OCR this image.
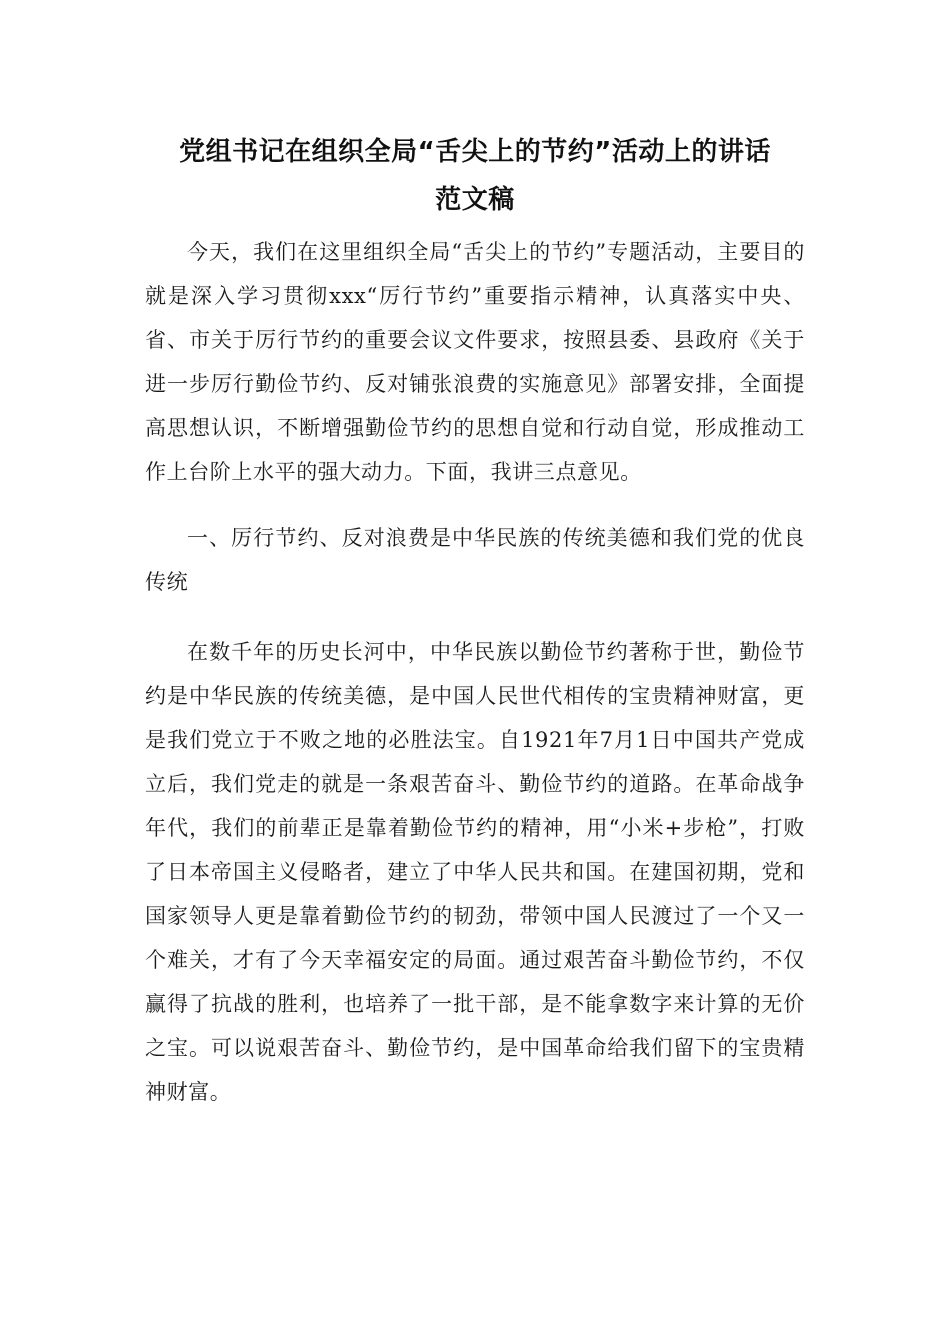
党组书记在组织全局“舌尖上的节约”活动上的讲话
范文稿

今天，我们在这里组织全局“舌尖上的节约”专题活动，主要目的就是深入学习贯彻xxx“厉行节约”重要指示精神，认真落实中央、省、市关于厉行节约的重要会议文件要求，按照县委、县政府《关于进一步厉行勤俭节约、反对铺张浪费的实施意见》部署安排，全面提高思想认识，不断增强勤俭节约的思想自觉和行动自觉，形成推动工作上台阶上水平的强大动力。下面，我讲三点意见。

一、厉行节约、反对浪费是中华民族的传统美德和我们党的优良传统

在数千年的历史长河中，中华民族以勤俭节约著称于世，勤俭节约是中华民族的传统美德，是中国人民世代相传的宝贵精神财富，更是我们党立于不败之地的必胜法宝。自1921年7月1日中国共产党成立后，我们党走的就是一条艰苦奋斗、勤俭节约的道路。在革命战争年代，我们的前辈正是靠着勤俭节约的精神，用“小米+步枪”，打败了日本帝国主义侵略者，建立了中华人民共和国。在建国初期，党和国家领导人更是靠着勤俭节约的韧劲，带领中国人民渡过了一个又一个难关，才有了今天幸福安定的局面。通过艰苦奋斗勤俭节约，不仅赢得了抗战的胜利，也培养了一批干部，是不能拿数字来计算的无价之宝。可以说艰苦奋斗、勤俭节约，是中国革命给我们留下的宝贵精神财富。
